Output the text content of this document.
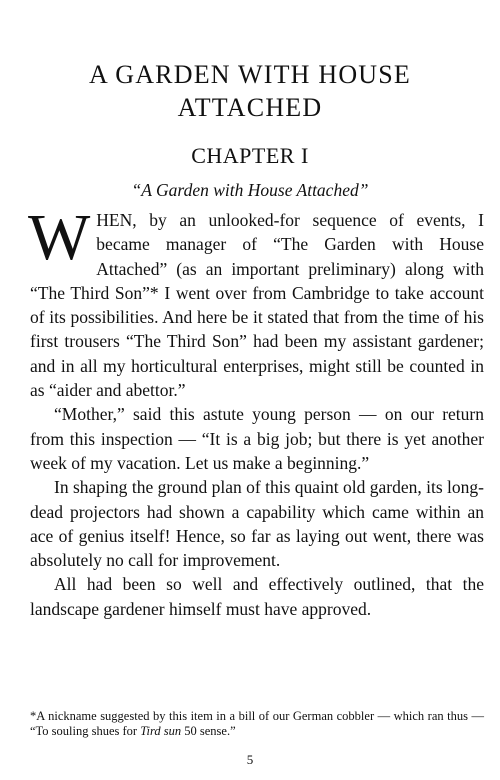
A GARDEN WITH HOUSE
ATTACHED
CHAPTER I
“A Garden with House Attached”

WHEN, by an unlooked-for sequence of events, I became manager of “The Garden with House Attached” (as an important preliminary) along with “The Third Son”* I went over from Cambridge to take account of its possibilities. And here be it stated that from the time of his first trousers “The Third Son” had been my assistant gardener; and in all my horticultural enterprises, might still be counted in as “aider and abettor.”

“Mother,” said this astute young person — on our return from this inspection — “It is a big job; but there is yet another week of my vacation. Let us make a beginning.”

In shaping the ground plan of this quaint old garden, its long-dead projectors had shown a capability which came within an ace of genius itself! Hence, so far as laying out went, there was absolutely no call for improvement.

All had been so well and effectively outlined, that the landscape gardener himself must have approved.

*A nickname suggested by this item in a bill of our German cobbler — which ran thus — “To souling shues for Tird sun 50 sense.”
5
